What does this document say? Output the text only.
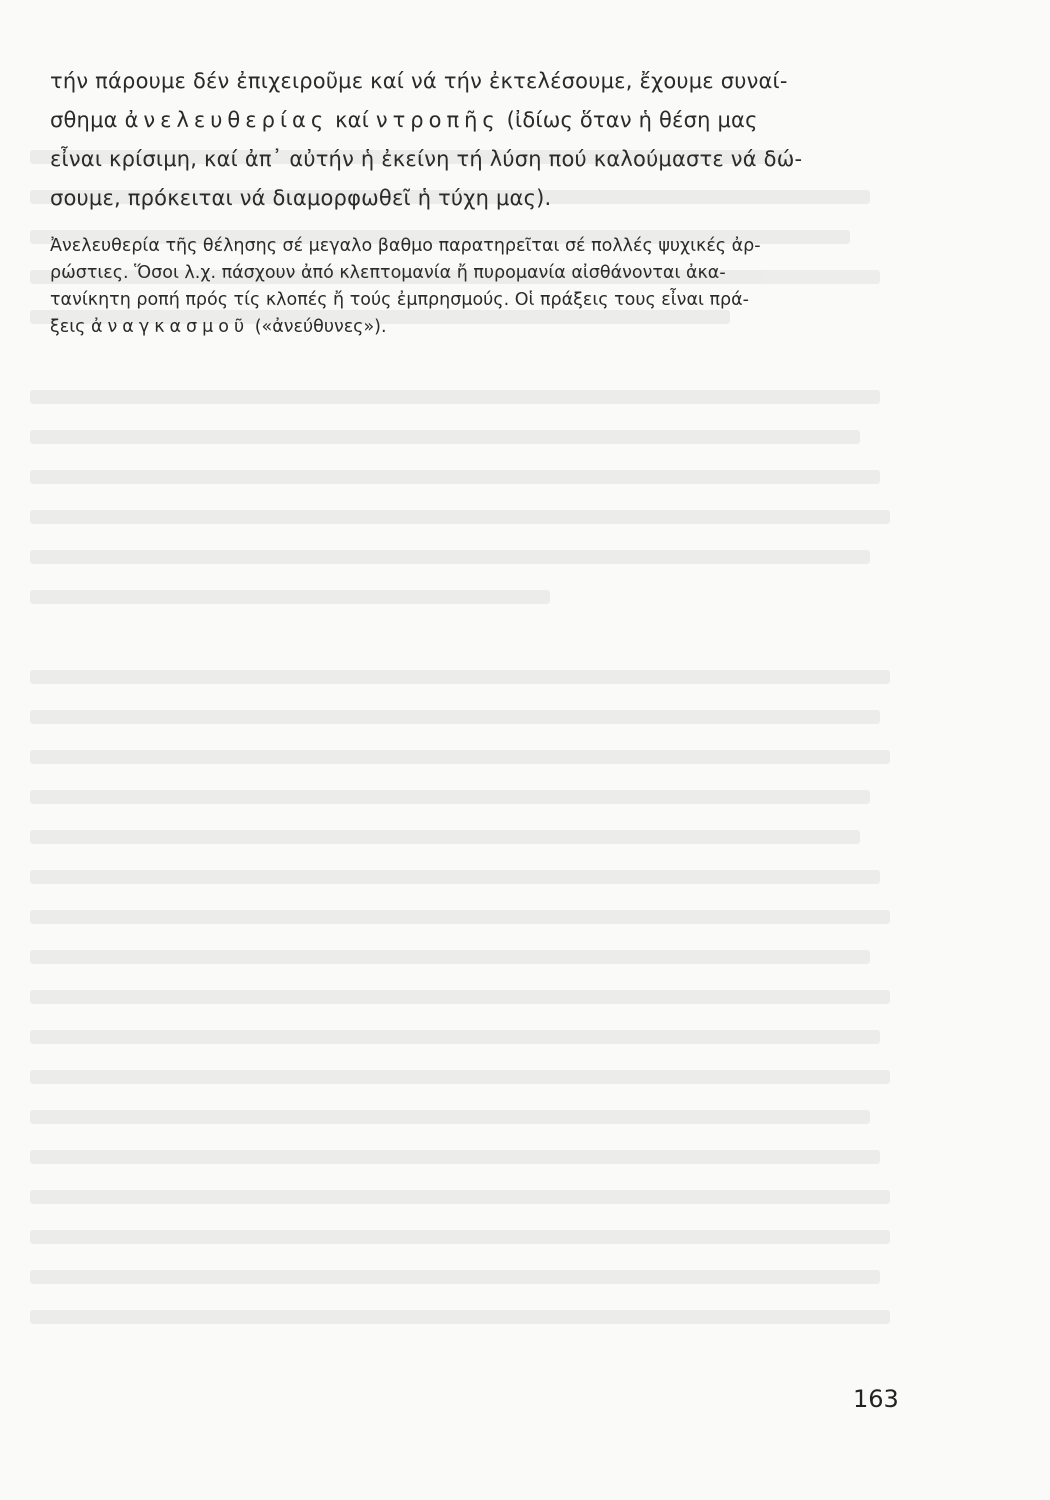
τήν πάρουμε δέν ἐπιχειροῦμε καί νά τήν ἐκτελέσουμε, ἔχουμε συναί-

σθημα ἀνελευθερίας καί ντροπῆς (ἰδίως ὅταν ἡ θέση μας

εἶναι κρίσιμη, καί ἀπ᾽ αὐτήν ἡ ἐκείνη τή λύση πού καλούμαστε νά δώ-

σουμε, πρόκειται νά διαμορφωθεῖ ἡ τύχη μας).

Ἀνελευθερία τῆς θέλησης σέ μεγαλο βαθμο παρατηρεῖται σέ πολλές ψυχικές ἀρ-

ρώστιες. Ὅσοι λ.χ. πάσχουν ἀπό κλεπτομανία ἤ πυρομανία αἰσθάνονται ἀκα-

τανίκητη ροπή πρός τίς κλοπές ἤ τούς ἐμπρησμούς. Οἱ πράξεις τους εἶναι πρά-

ξεις ἀναγκασμοῦ («ἀνεύθυνες»).

163
